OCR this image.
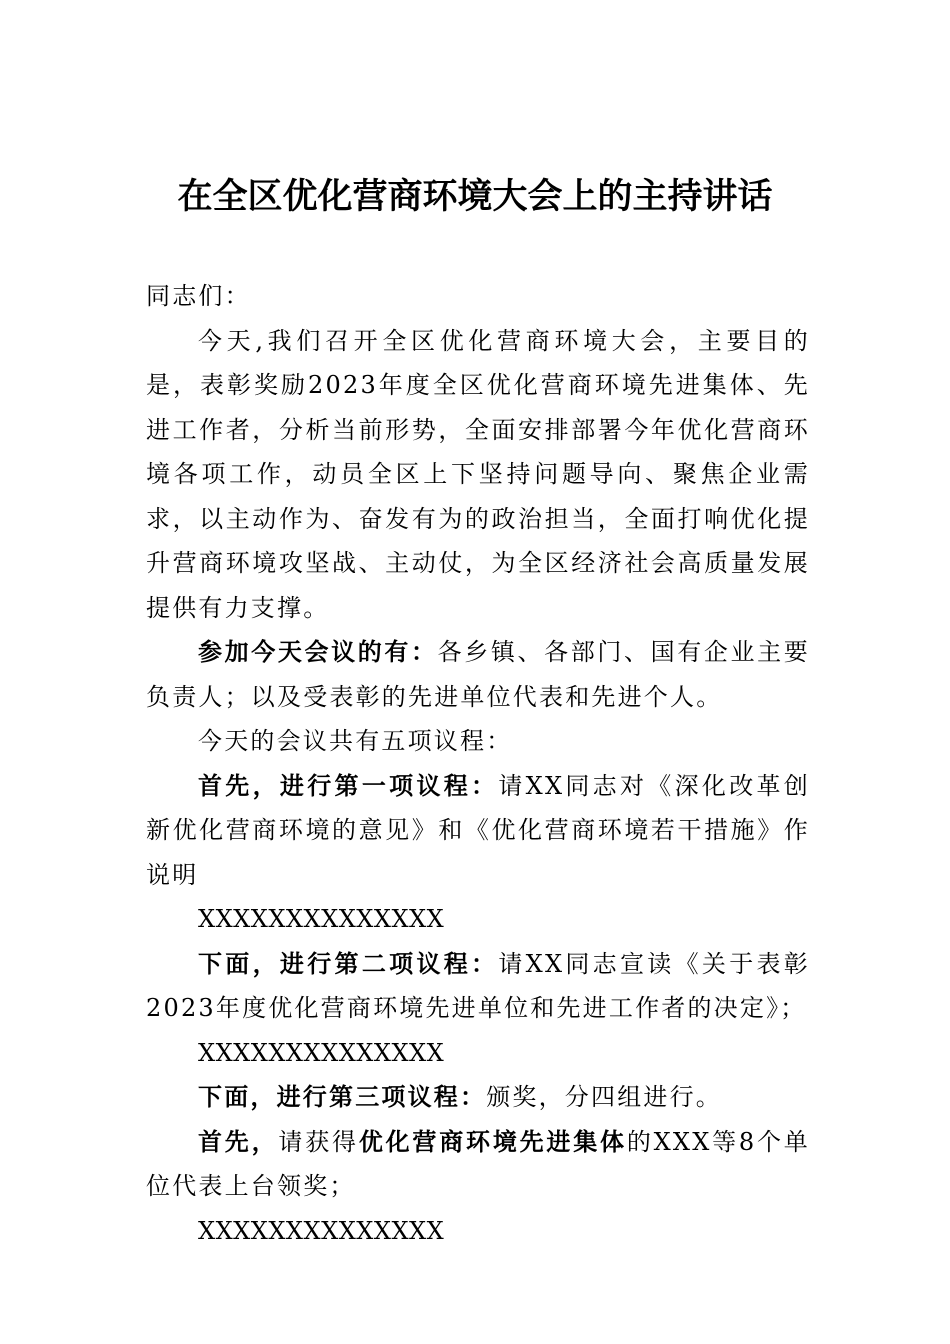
在全区优化营商环境大会上的主持讲话

同志们：

今天,我们召开全区优化营商环境大会，主要目的是，表彰奖励2023年度全区优化营商环境先进集体、先进工作者，分析当前形势，全面安排部署今年优化营商环境各项工作，动员全区上下坚持问题导向、聚焦企业需求，以主动作为、奋发有为的政治担当，全面打响优化提升营商环境攻坚战、主动仗，为全区经济社会高质量发展提供有力支撑。

参加今天会议的有：各乡镇、各部门、国有企业主要负责人；以及受表彰的先进单位代表和先进个人。

今天的会议共有五项议程：

首先，进行第一项议程：请XX同志对《深化改革创新优化营商环境的意见》和《优化营商环境若干措施》作说明

XXXXXXXXXXXXXX

下面，进行第二项议程：请XX同志宣读《关于表彰2023年度优化营商环境先进单位和先进工作者的决定》；

XXXXXXXXXXXXXX

下面，进行第三项议程：颁奖，分四组进行。

首先，请获得优化营商环境先进集体的XXX等8个单位代表上台领奖；

XXXXXXXXXXXXXX
